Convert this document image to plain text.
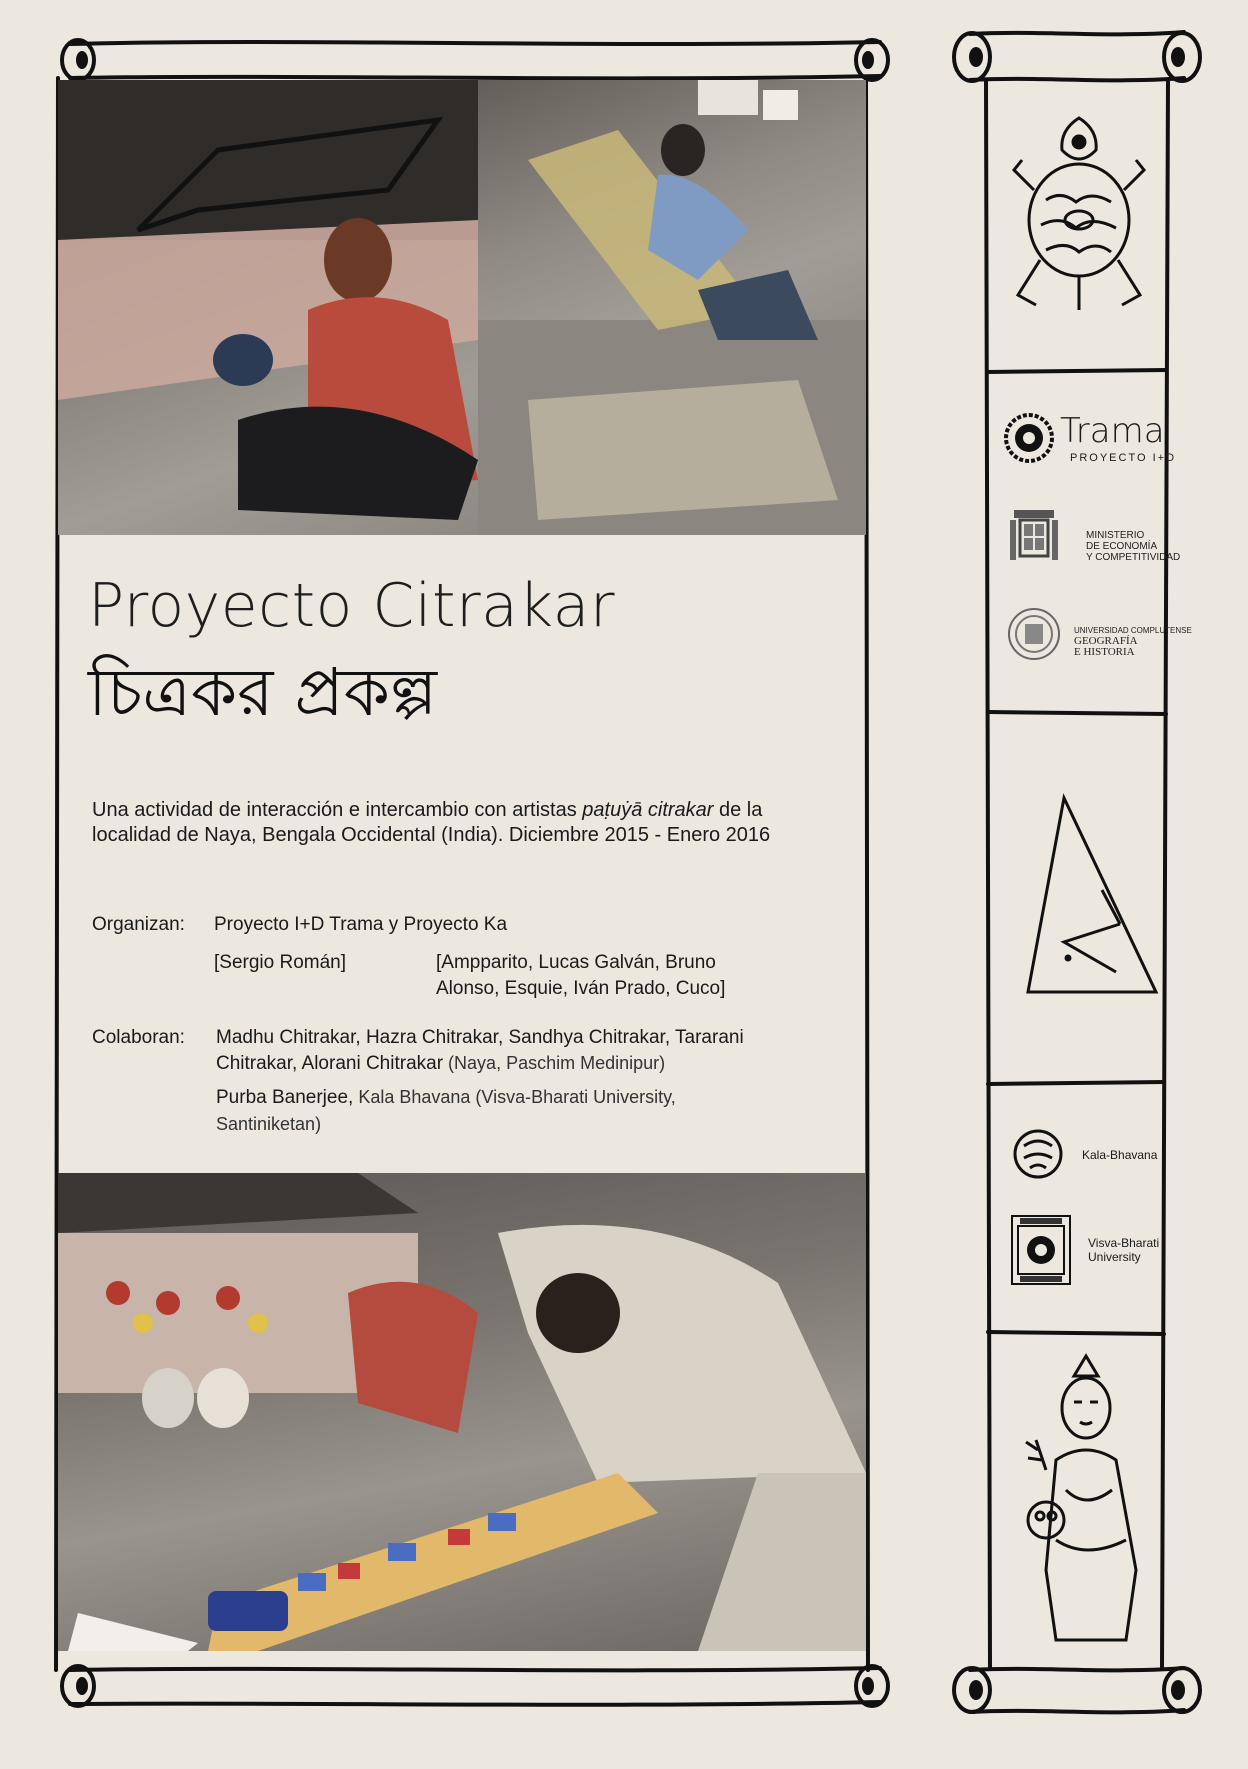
Proyecto Citrakar
চিত্রকর প্রকল্প
Una actividad de interacción e intercambio con artistas paṭuẏā citrakar de la localidad de Naya, Bengala Occidental (India). Diciembre 2015 - Enero 2016
Organizan: Proyecto I+D Trama y Proyecto Ka
[Sergio Román]	[Ampparito, Lucas Galván, Bruno
Alonso, Esquie, Iván Prado, Cuco]
Colaboran: Madhu Chitrakar, Hazra Chitrakar, Sandhya Chitrakar, Tararani
Chitrakar, Alorani Chitrakar (Naya, Paschim Medinipur)
Purba Banerjee, Kala Bhavana (Visva-Bharati University,
Santiniketan)
Trama
PROYECTO I+D
MINISTERIO
DE ECONOMÍA
Y COMPETITIVIDAD
UNIVERSIDAD COMPLUTENSE
GEOGRAFÍA
E HISTORIA
Kala-Bhavana
Visva-Bharati
University
